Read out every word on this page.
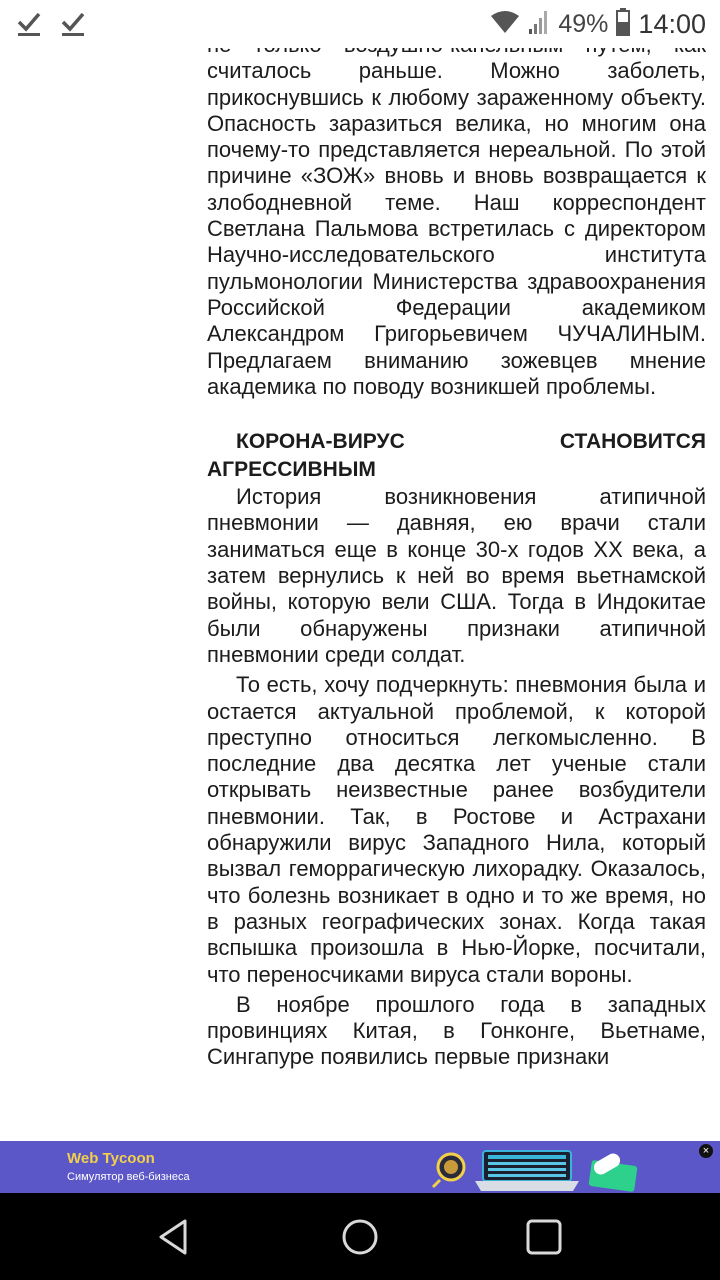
считалось раньше. Можно заболеть, прикоснувшись к любому зараженному объекту. Опасность заразиться велика, но многим она почему-то представляется нереальной. По этой причине «ЗОЖ» вновь и вновь возвращается к злободневной теме. Наш корреспондент Светлана Пальмова встретилась с директором Научно-исследовательского института пульмонологии Министерства здравоохранения Российской Федерации академиком Александром Григорьевичем ЧУЧАЛИНЫМ. Предлагаем вниманию зожевцев мнение академика по поводу возникшей проблемы.

КОРОНА-ВИРУС	СТАНОВИТСЯ
АГРЕССИВНЫМ

История возникновения атипичной пневмонии — давняя, ею врачи стали заниматься еще в конце 30-х годов XX века, а затем вернулись к ней во время вьетнамской войны, которую вели США. Тогда в Индокитае были обнаружены признаки атипичной пневмонии среди солдат.

То есть, хочу подчеркнуть: пневмония была и остается актуальной проблемой, к которой преступно относиться легкомысленно. В последние два десятка лет ученые стали открывать неизвестные ранее возбудители пневмонии. Так, в Ростове и Астрахани обнаружили вирус Западного Нила, который вызвал геморрагическую лихорадку. Оказалось, что болезнь возникает в одно и то же время, но в разных географических зонах. Когда такая вспышка произошла в Нью-Йорке, посчитали, что переносчиками вируса стали вороны.

В ноябре прошлого года в западных провинциях Китая, в Гонконге, Вьетнаме, Сингапуре появились первые признаки

49% 14:00
Web Tycoon
Симулятор веб-бизнеса
×
